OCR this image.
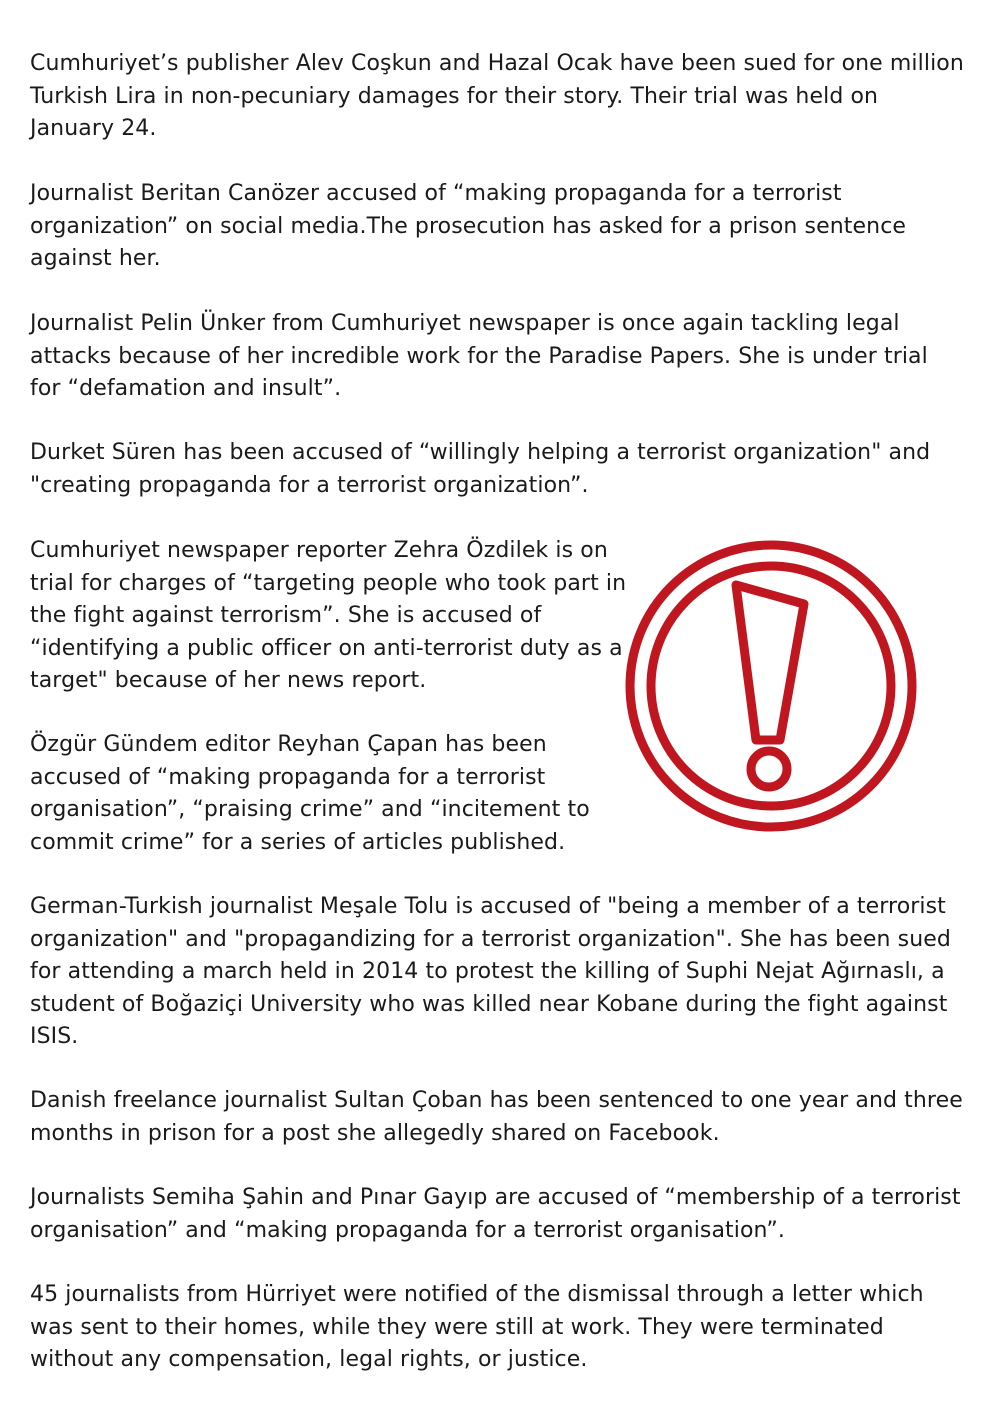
Cumhuriyet’s publisher Alev Coşkun and Hazal Ocak have been sued for one million Turkish Lira in non-pecuniary damages for their story. Their trial was held on January 24.

Journalist Beritan Canözer accused of “making propaganda for a terrorist organization” on social media.The prosecution has asked for a prison sentence against her.

Journalist Pelin Ünker from Cumhuriyet newspaper is once again tackling legal attacks because of her incredible work for the Paradise Papers. She is under trial for “defamation and insult”.

Durket Süren has been accused of “willingly helping a terrorist organization" and "creating propaganda for a terrorist organization”.

Cumhuriyet newspaper reporter Zehra Özdilek is on trial for charges of “targeting people who took part in the fight against terrorism”. She is accused of “identifying a public officer on anti-terrorist duty as a target" because of her news report.

Özgür Gündem editor Reyhan Çapan has been accused of “making propaganda for a terrorist organisation”, “praising crime” and “incitement to commit crime” for a series of articles published.

German-Turkish journalist Meşale Tolu is accused of "being a member of a terrorist organization" and "propagandizing for a terrorist organization". She has been sued for attending a march held in 2014 to protest the killing of Suphi Nejat Ağırnaslı, a student of Boğaziçi University who was killed near Kobane during the fight against ISIS.

Danish freelance journalist Sultan Çoban has been sentenced to one year and three months in prison for a post she allegedly shared on Facebook.

Journalists Semiha Şahin and Pınar Gayıp are accused of “membership of a terrorist organisation” and “making propaganda for a terrorist organisation”.

45 journalists from Hürriyet were notified of the dismissal through a letter which was sent to their homes, while they were still at work. They were terminated without any compensation, legal rights, or justice.
